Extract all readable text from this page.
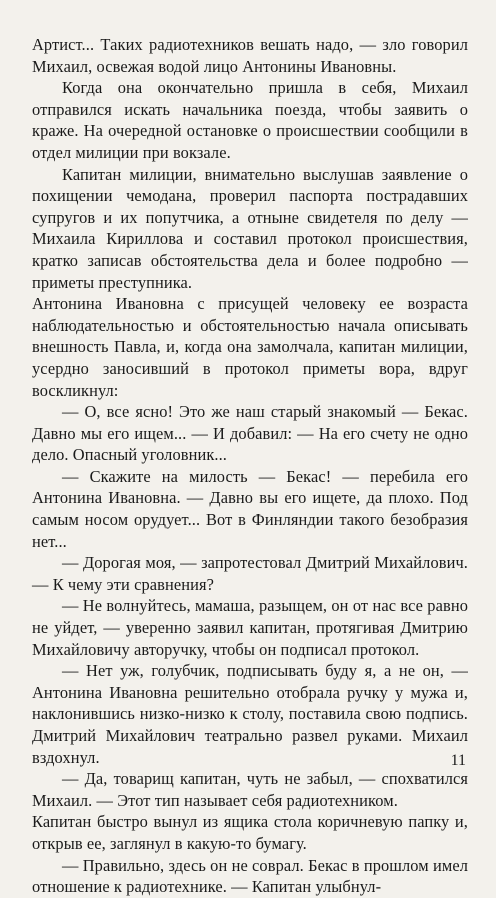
Артист... Таких радиотехников вешать надо, — зло говорил Михаил, освежая водой лицо Антонины Ивановны.

Когда она окончательно пришла в себя, Михаил отправился искать начальника поезда, чтобы заявить о краже. На очередной остановке о происшествии сообщили в отдел милиции при вокзале.

Капитан милиции, внимательно выслушав заявление о похищении чемодана, проверил паспорта пострадавших супругов и их попутчика, а отныне свидетеля по делу — Михаила Кириллова и составил протокол происшествия, кратко записав обстоятельства дела и более подробно — приметы преступника.

Антонина Ивановна с присущей человеку ее возраста наблюдательностью и обстоятельностью начала описывать внешность Павла, и, когда она замолчала, капитан милиции, усердно заносивший в протокол приметы вора, вдруг воскликнул:

— О, все ясно! Это же наш старый знакомый — Бекас. Давно мы его ищем... — И добавил: — На его счету не одно дело. Опасный уголовник...

— Скажите на милость — Бекас! — перебила его Антонина Ивановна. — Давно вы его ищете, да плохо. Под самым носом орудует... Вот в Финляндии такого безобразия нет...

— Дорогая моя, — запротестовал Дмитрий Михайлович. — К чему эти сравнения?

— Не волнуйтесь, мамаша, разыщем, он от нас все равно не уйдет, — уверенно заявил капитан, протягивая Дмитрию Михайловичу авторучку, чтобы он подписал протокол.

— Нет уж, голубчик, подписывать буду я, а не он, — Антонина Ивановна решительно отобрала ручку у мужа и, наклонившись низко-низко к столу, поставила свою подпись. Дмитрий Михайлович театрально развел руками. Михаил вздохнул.

— Да, товарищ капитан, чуть не забыл, — спохватился Михаил. — Этот тип называет себя радиотехником.

Капитан быстро вынул из ящика стола коричневую папку и, открыв ее, заглянул в какую-то бумагу.

— Правильно, здесь он не соврал. Бекас в прошлом имел отношение к радиотехнике. — Капитан улыбнул-

11
